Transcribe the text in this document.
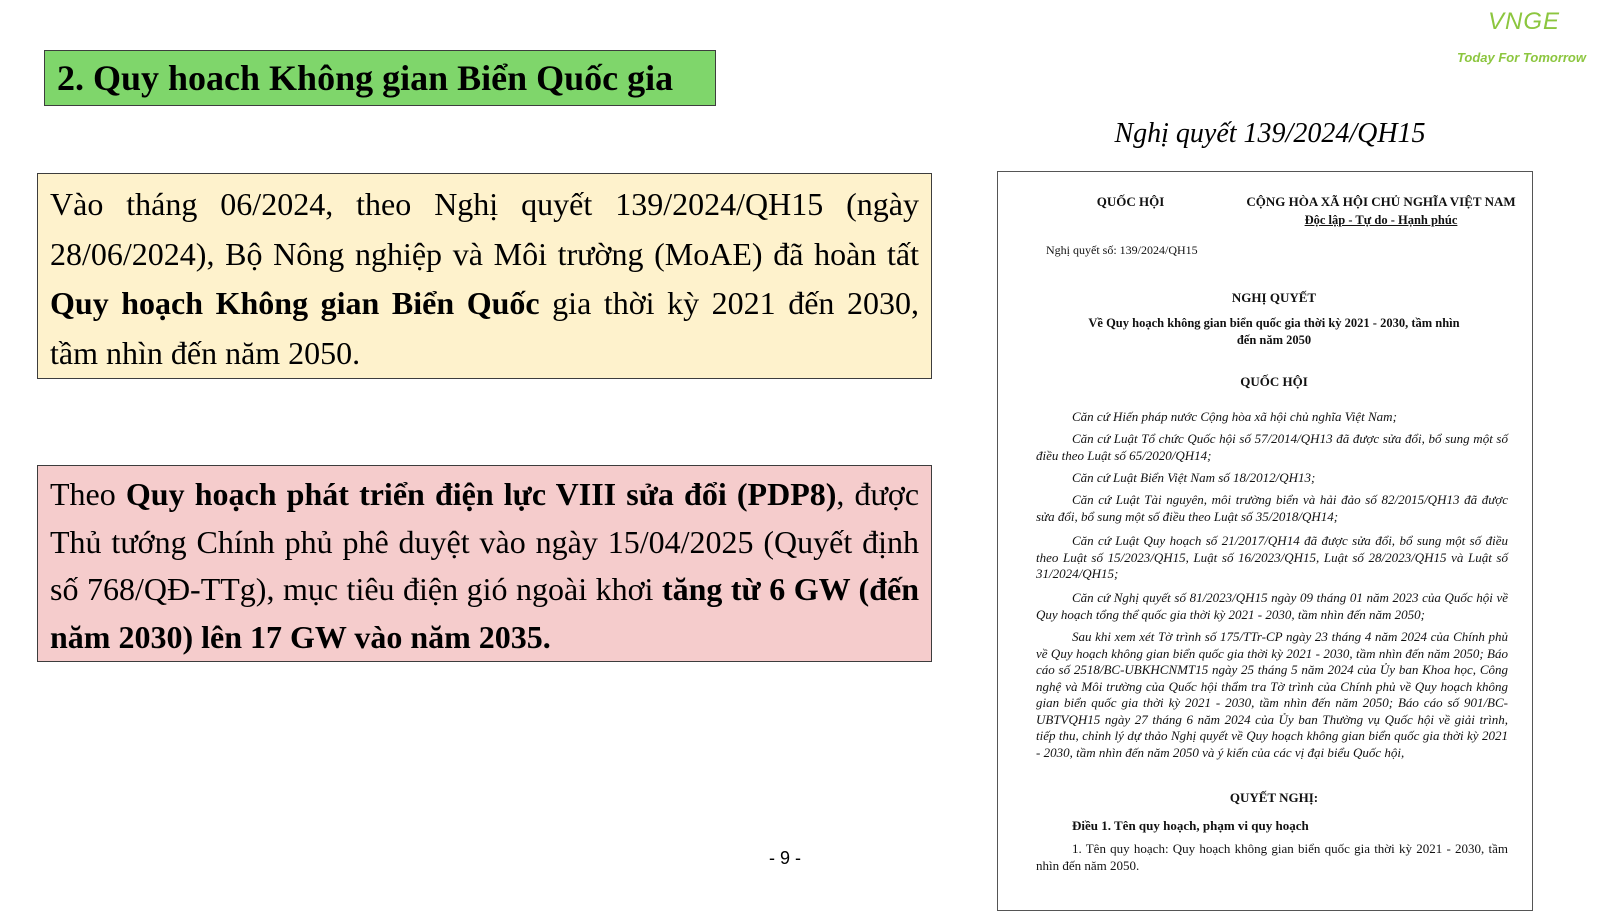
2. Quy hoach Không gian Biển Quốc gia
VNGE
Today For Tomorrow
Vào tháng 06/2024, theo Nghị quyết 139/2024/QH15 (ngày 28/06/2024), Bộ Nông nghiệp và Môi trường (MoAE) đã hoàn tất Quy hoạch Không gian Biển Quốc gia thời kỳ 2021 đến 2030, tầm nhìn đến năm 2050.
Theo Quy hoạch phát triển điện lực VIII sửa đổi (PDP8), được Thủ tướng Chính phủ phê duyệt vào ngày 15/04/2025 (Quyết định số 768/QĐ-TTg), mục tiêu điện gió ngoài khơi tăng từ 6 GW (đến năm 2030) lên 17 GW vào năm 2035.
Nghị quyết 139/2024/QH15
QUỐC HỘI	CỘNG HÒA XÃ HỘI CHỦ NGHĨA VIỆT NAM
Độc lập - Tự do - Hạnh phúc
Nghị quyết số: 139/2024/QH15
NGHỊ QUYẾT
Về Quy hoạch không gian biển quốc gia thời kỳ 2021 - 2030, tầm nhìn đến năm 2050
QUỐC HỘI
Căn cứ Hiến pháp nước Cộng hòa xã hội chủ nghĩa Việt Nam;
Căn cứ Luật Tổ chức Quốc hội số 57/2014/QH13 đã được sửa đổi, bổ sung một số điều theo Luật số 65/2020/QH14;
Căn cứ Luật Biển Việt Nam số 18/2012/QH13;
Căn cứ Luật Tài nguyên, môi trường biển và hải đảo số 82/2015/QH13 đã được sửa đổi, bổ sung một số điều theo Luật số 35/2018/QH14;
Căn cứ Luật Quy hoạch số 21/2017/QH14 đã được sửa đổi, bổ sung một số điều theo Luật số 15/2023/QH15, Luật số 16/2023/QH15, Luật số 28/2023/QH15 và Luật số 31/2024/QH15;
Căn cứ Nghị quyết số 81/2023/QH15 ngày 09 tháng 01 năm 2023 của Quốc hội về Quy hoạch tổng thể quốc gia thời kỳ 2021 - 2030, tầm nhìn đến năm 2050;
Sau khi xem xét Tờ trình số 175/TTr-CP ngày 23 tháng 4 năm 2024 của Chính phủ về Quy hoạch không gian biển quốc gia thời kỳ 2021 - 2030, tầm nhìn đến năm 2050; Báo cáo số 2518/BC-UBKHCNMT15 ngày 25 tháng 5 năm 2024 của Ủy ban Khoa học, Công nghệ và Môi trường của Quốc hội thẩm tra Tờ trình của Chính phủ về Quy hoạch không gian biển quốc gia thời kỳ 2021 - 2030, tầm nhìn đến năm 2050; Báo cáo số 901/BC-UBTVQH15 ngày 27 tháng 6 năm 2024 của Ủy ban Thường vụ Quốc hội về giải trình, tiếp thu, chỉnh lý dự thảo Nghị quyết về Quy hoạch không gian biển quốc gia thời kỳ 2021 - 2030, tầm nhìn đến năm 2050 và ý kiến của các vị đại biểu Quốc hội,
QUYẾT NGHỊ:
Điều 1. Tên quy hoạch, phạm vi quy hoạch
1. Tên quy hoạch: Quy hoạch không gian biển quốc gia thời kỳ 2021 - 2030, tầm nhìn đến năm 2050.
- 9 -
